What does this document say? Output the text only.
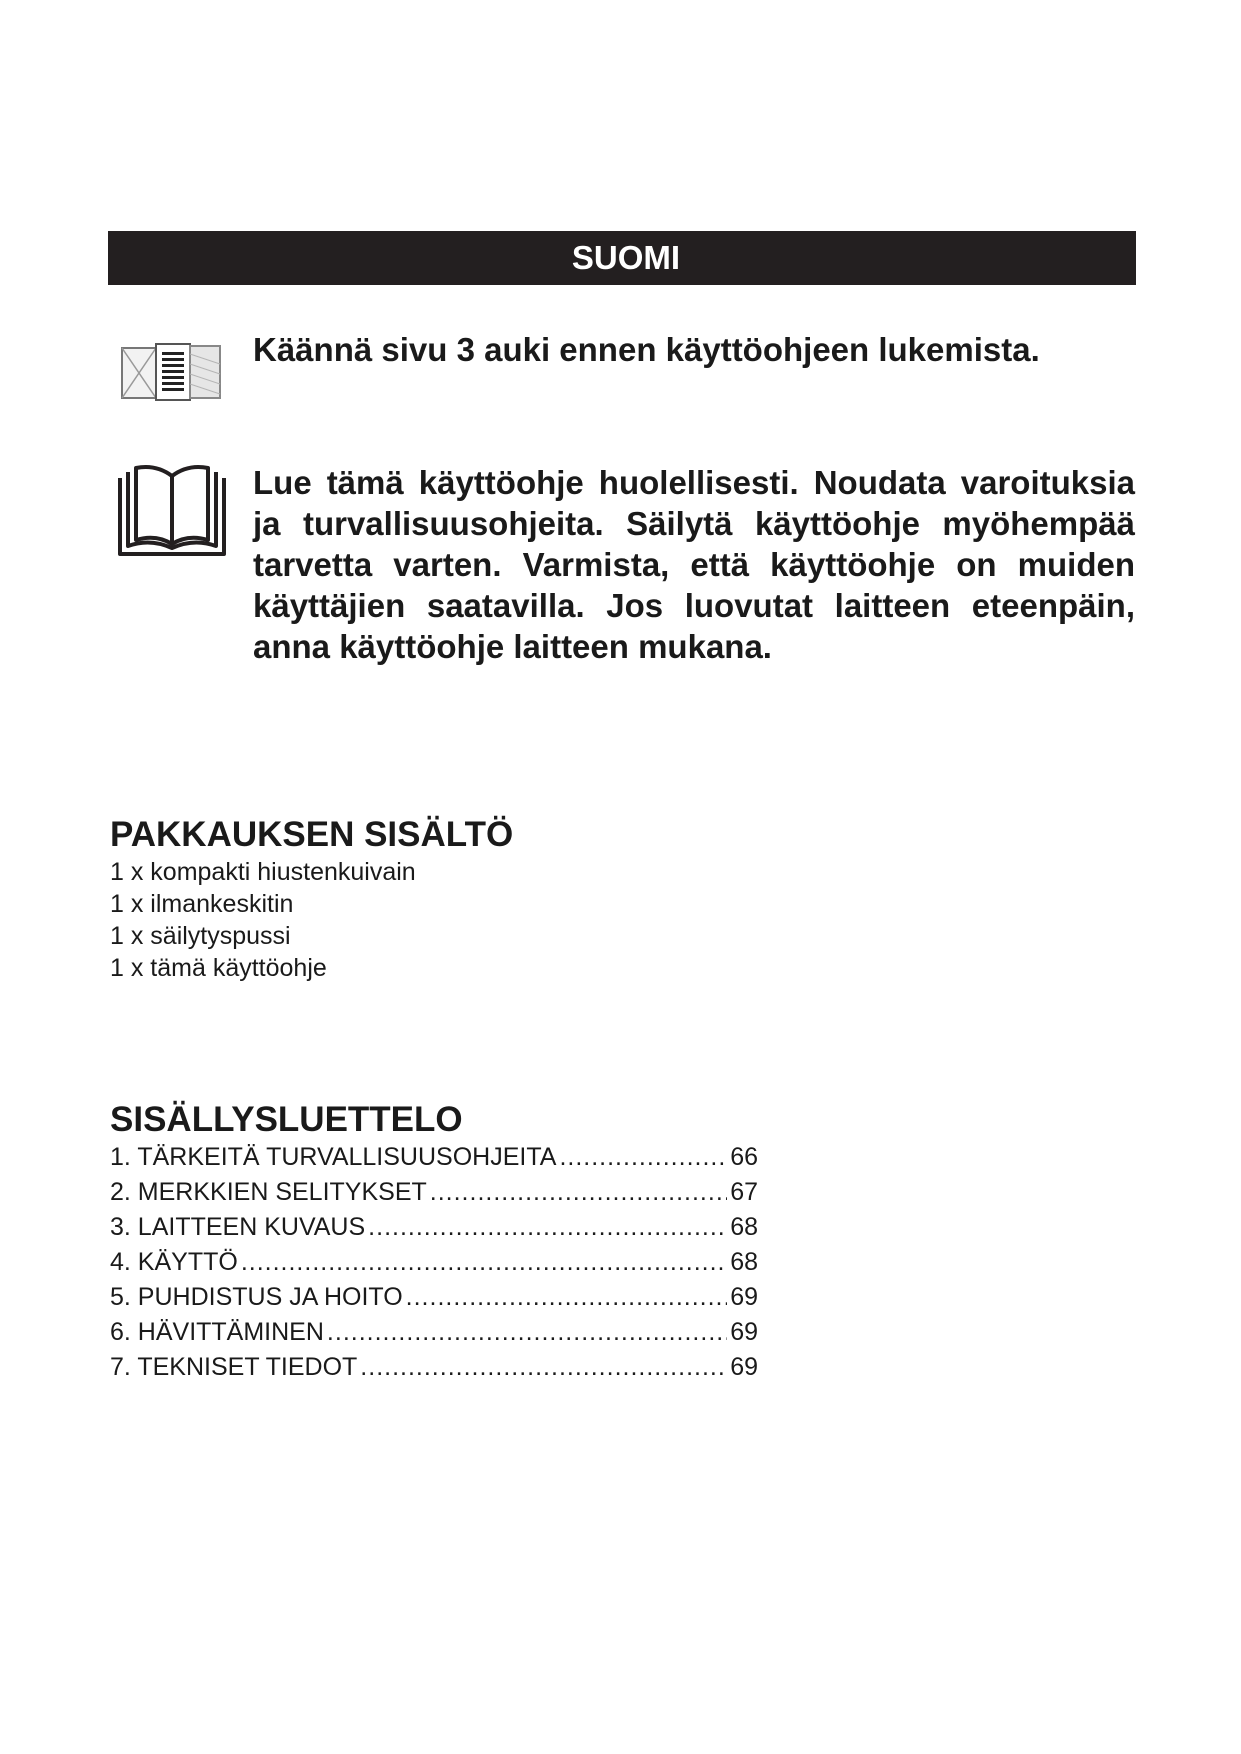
SUOMI

Käännä sivu 3 auki ennen käyttöohjeen lukemista.

Lue tämä käyttöohje huolellisesti. Noudata varoituksia
ja turvallisuusohjeita. Säilytä käyttöohje myöhempää
tarvetta varten. Varmista, että käyttöohje on muiden
käyttäjien saatavilla. Jos luovutat laitteen eteenpäin,
anna käyttöohje laitteen mukana.
PAKKAUKSEN SISÄLTÖ
1 x kompakti hiustenkuivain
1 x ilmankeskitin
1 x säilytyspussi
1 x tämä käyttöohje
SISÄLLYSLUETTELO
1. TÄRKEITÄ TURVALLISUUSOHJEITA .....	66
2. MERKKIEN SELITYKSET .....	67
3. LAITTEEN KUVAUS .....	68
4. KÄYTTÖ .....	68
5. PUHDISTUS JA HOITO .....	69
6. HÄVITTÄMINEN .....	69
7. TEKNISET TIEDOT .....	69
